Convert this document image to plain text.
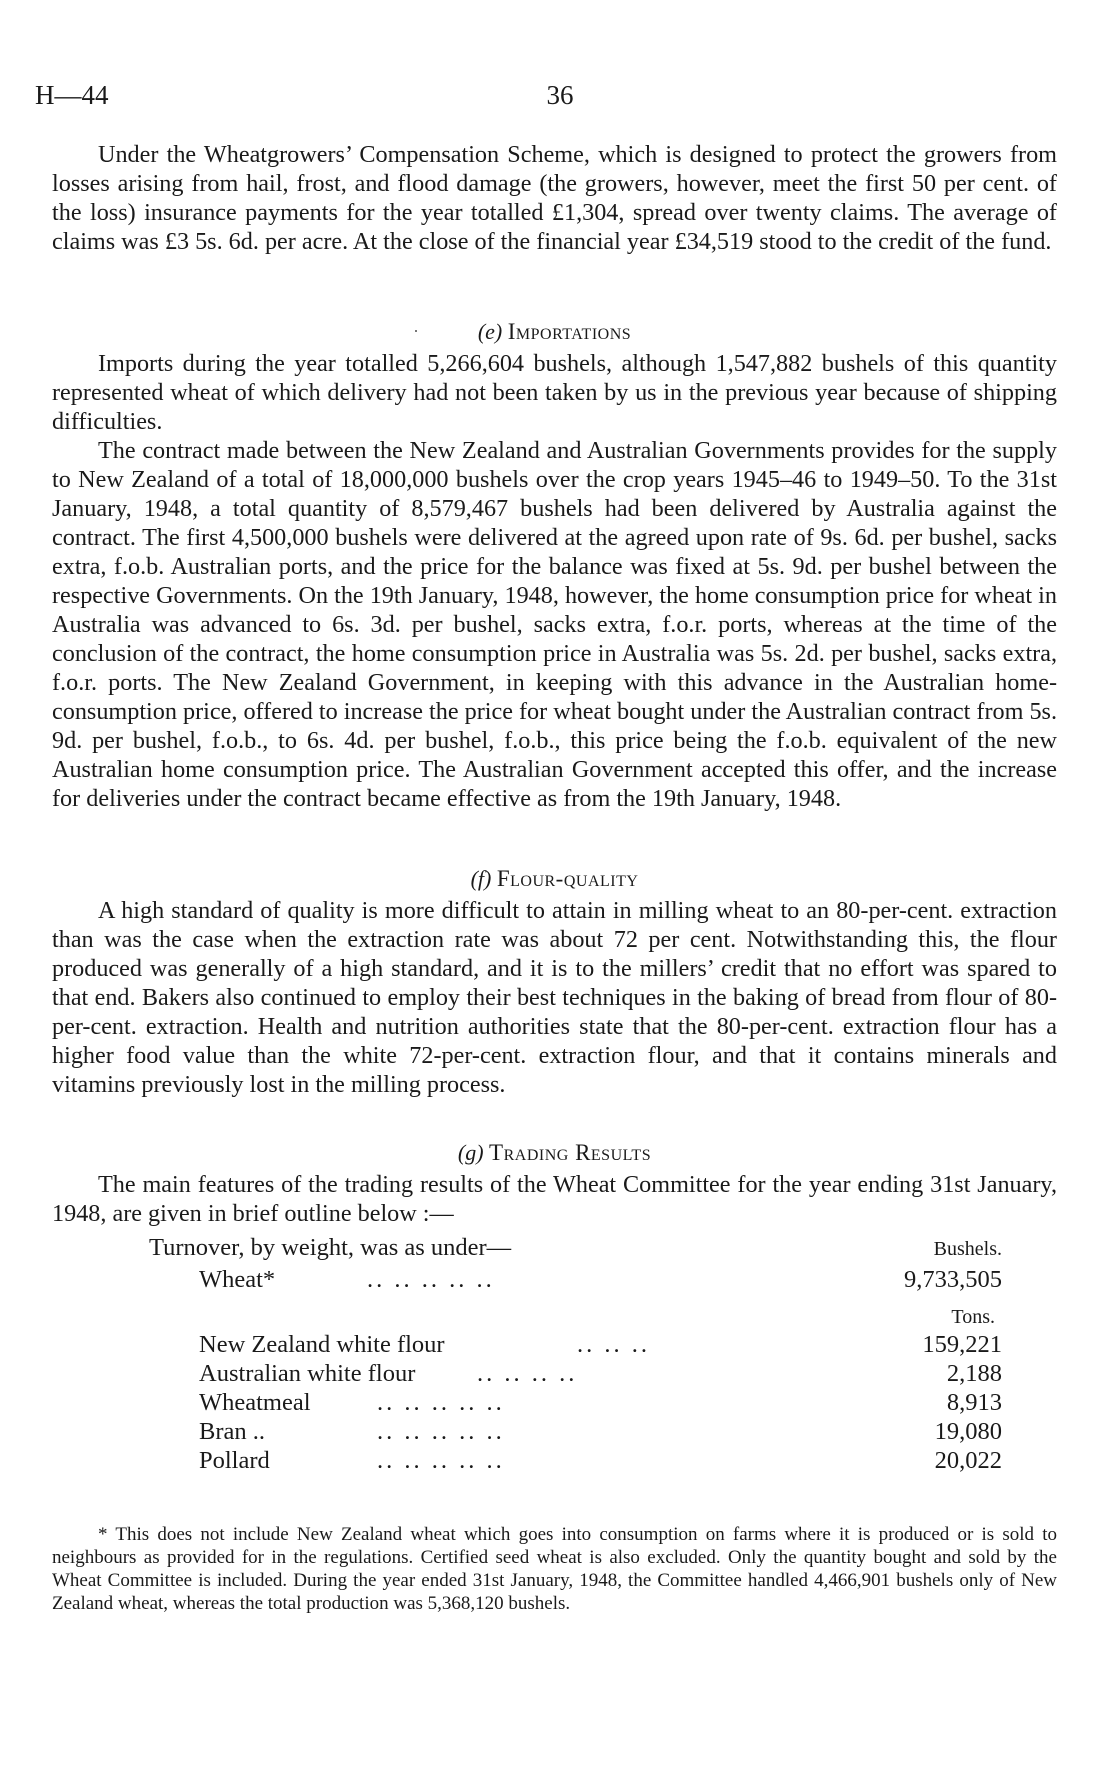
H—44	36

Under the Wheatgrowers’ Compensation Scheme, which is designed to protect the growers from losses arising from hail, frost, and flood damage (the growers, however, meet the first 50 per cent. of the loss) insurance payments for the year totalled £1,304, spread over twenty claims. The average of claims was £3 5s. 6d. per acre. At the close of the financial year £34,519 stood to the credit of the fund.

(e) Importations

Imports during the year totalled 5,266,604 bushels, although 1,547,882 bushels of this quantity represented wheat of which delivery had not been taken by us in the previous year because of shipping difficulties.

The contract made between the New Zealand and Australian Governments provides for the supply to New Zealand of a total of 18,000,000 bushels over the crop years 1945–46 to 1949–50. To the 31st January, 1948, a total quantity of 8,579,467 bushels had been delivered by Australia against the contract. The first 4,500,000 bushels were delivered at the agreed upon rate of 9s. 6d. per bushel, sacks extra, f.o.b. Australian ports, and the price for the balance was fixed at 5s. 9d. per bushel between the respective Governments. On the 19th January, 1948, however, the home consumption price for wheat in Australia was advanced to 6s. 3d. per bushel, sacks extra, f.o.r. ports, whereas at the time of the conclusion of the contract, the home consumption price in Australia was 5s. 2d. per bushel, sacks extra, f.o.r. ports. The New Zealand Government, in keeping with this advance in the Australian home-consumption price, offered to increase the price for wheat bought under the Australian contract from 5s. 9d. per bushel, f.o.b., to 6s. 4d. per bushel, f.o.b., this price being the f.o.b. equivalent of the new Australian home consumption price. The Australian Government accepted this offer, and the increase for deliveries under the contract became effective as from the 19th January, 1948.

(f) Flour-quality

A high standard of quality is more difficult to attain in milling wheat to an 80-per-cent. extraction than was the case when the extraction rate was about 72 per cent. Notwithstanding this, the flour produced was generally of a high standard, and it is to the millers’ credit that no effort was spared to that end. Bakers also continued to employ their best techniques in the baking of bread from flour of 80-per-cent. extraction. Health and nutrition authorities state that the 80-per-cent. extraction flour has a higher food value than the white 72-per-cent. extraction flour, and that it contains minerals and vitamins previously lost in the milling process.

(g) Trading Results

The main features of the trading results of the Wheat Committee for the year ending 31st January, 1948, are given in brief outline below :—

Turnover, by weight, was as under—	Bushels.
Wheat*	.. .. .. .. ..	9,733,505
Tons.
New Zealand white flour	.. .. ..	159,221
Australian white flour	.. .. .. ..	2,188
Wheatmeal	.. .. .. .. ..	8,913
Bran ..	.. .. .. .. ..	19,080
Pollard	.. .. .. .. ..	20,022

* This does not include New Zealand wheat which goes into consumption on farms where it is produced or is sold to neighbours as provided for in the regulations. Certified seed wheat is also excluded. Only the quantity bought and sold by the Wheat Committee is included. During the year ended 31st January, 1948, the Committee handled 4,466,901 bushels only of New Zealand wheat, whereas the total production was 5,368,120 bushels.
